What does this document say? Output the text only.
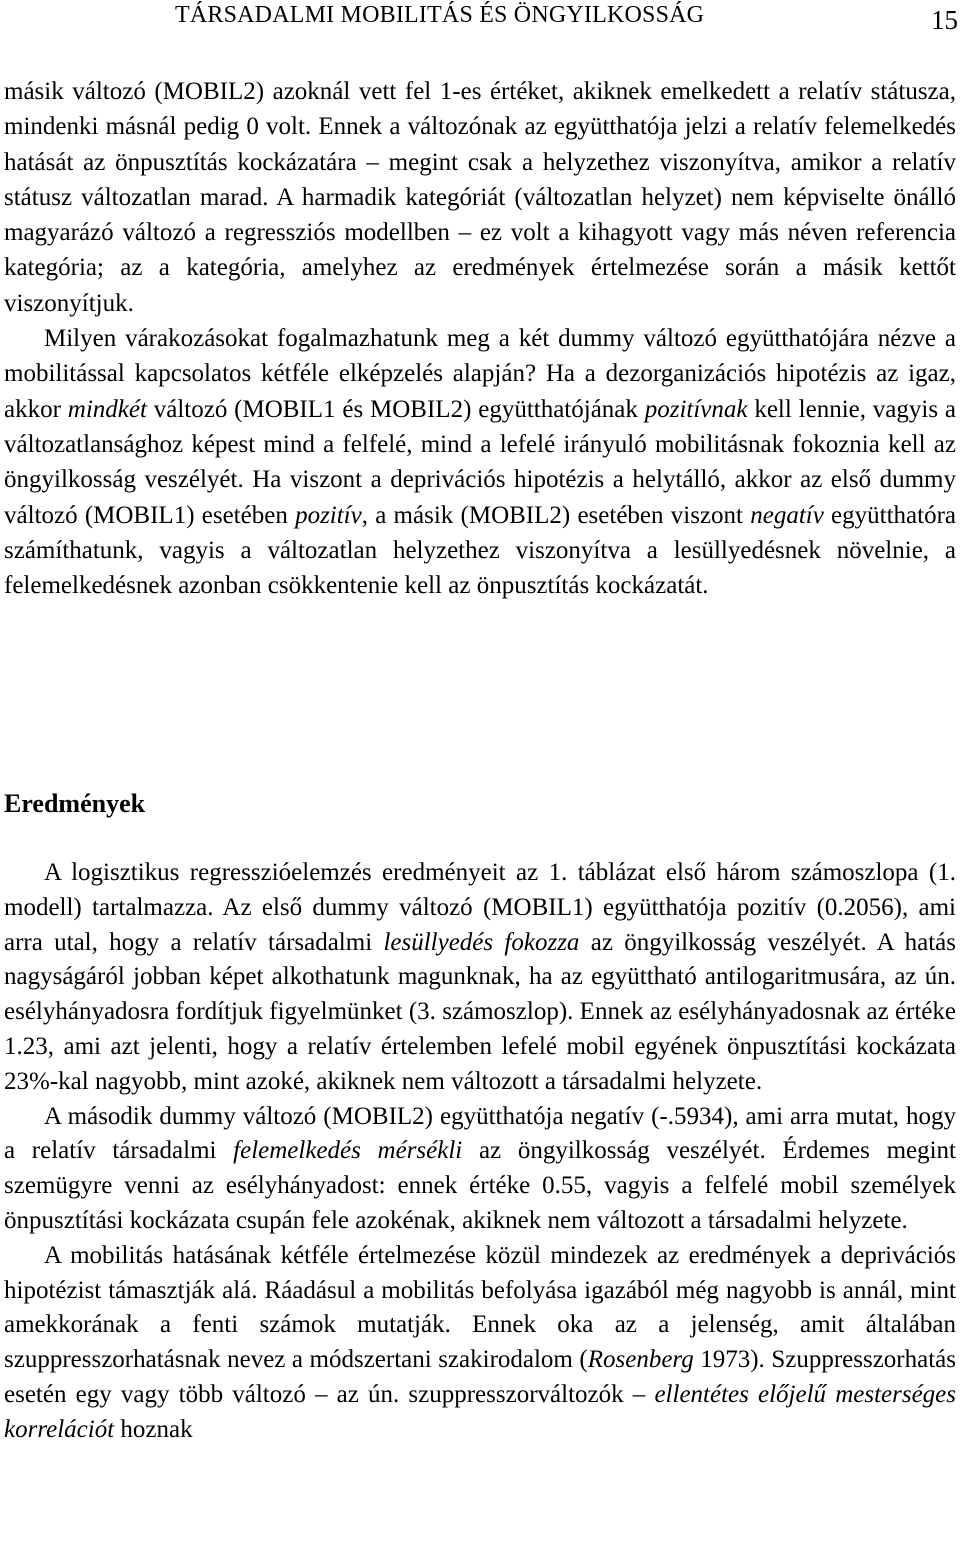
TÁRSADALMI MOBILITÁS ÉS ÖNGYILKOSSÁG	15

másik változó (MOBIL2) azoknál vett fel 1-es értéket, akiknek emelkedett a relatív státusza, mindenki másnál pedig 0 volt. Ennek a változónak az együtthatója jelzi a relatív felemelkedés hatását az önpusztítás kockázatára – megint csak a helyzethez viszonyítva, amikor a relatív státusz változatlan marad. A harmadik kategóriát (változatlan helyzet) nem képviselte önálló magyarázó változó a regressziós modellben – ez volt a kihagyott vagy más néven referencia kategória; az a kategória, amelyhez az eredmények értelmezése során a másik kettőt viszonyítjuk.

Milyen várakozásokat fogalmazhatunk meg a két dummy változó együtthatójára nézve a mobilitással kapcsolatos kétféle elképzelés alapján? Ha a dezorganizációs hipotézis az igaz, akkor mindkét változó (MOBIL1 és MOBIL2) együtthatójának pozitívnak kell lennie, vagyis a változatlansághoz képest mind a felfelé, mind a lefelé irányuló mobilitásnak fokoznia kell az öngyilkosság veszélyét. Ha viszont a deprivációs hipotézis a helytálló, akkor az első dummy változó (MOBIL1) esetében pozitív, a másik (MOBIL2) esetében viszont negatív együtthatóra számíthatunk, vagyis a változatlan helyzethez viszonyítva a lesüllyedésnek növelnie, a felemelkedésnek azonban csökkentenie kell az önpusztítás kockázatát.

Eredmények

A logisztikus regresszióelemzés eredményeit az 1. táblázat első három számoszlopa (1. modell) tartalmazza. Az első dummy változó (MOBIL1) együtthatója pozitív (0.2056), ami arra utal, hogy a relatív társadalmi lesüllyedés fokozza az öngyilkosság veszélyét. A hatás nagyságáról jobban képet alkothatunk magunknak, ha az együttható antilogaritmusára, az ún. esélyhányadosra fordítjuk figyelmünket (3. számoszlop). Ennek az esélyhányadosnak az értéke 1.23, ami azt jelenti, hogy a relatív értelemben lefelé mobil egyének önpusztítási kockázata 23%-kal nagyobb, mint azoké, akiknek nem változott a társadalmi helyzete.

A második dummy változó (MOBIL2) együtthatója negatív (-.5934), ami arra mutat, hogy a relatív társadalmi felemelkedés mérsékli az öngyilkosság veszélyét. Érdemes megint szemügyre venni az esélyhányadost: ennek értéke 0.55, vagyis a felfelé mobil személyek önpusztítási kockázata csupán fele azokénak, akiknek nem változott a társadalmi helyzete.

A mobilitás hatásának kétféle értelmezése közül mindezek az eredmények a deprivációs hipotézist támasztják alá. Ráadásul a mobilitás befolyása igazából még nagyobb is annál, mint amekkorának a fenti számok mutatják. Ennek oka az a jelenség, amit általában szuppresszorhatásnak nevez a módszertani szakirodalom (Rosenberg 1973). Szuppresszorhatás esetén egy vagy több változó – az ún. szuppresszorváltozók – ellentétes előjelű mesterséges korrelációt hoznak
